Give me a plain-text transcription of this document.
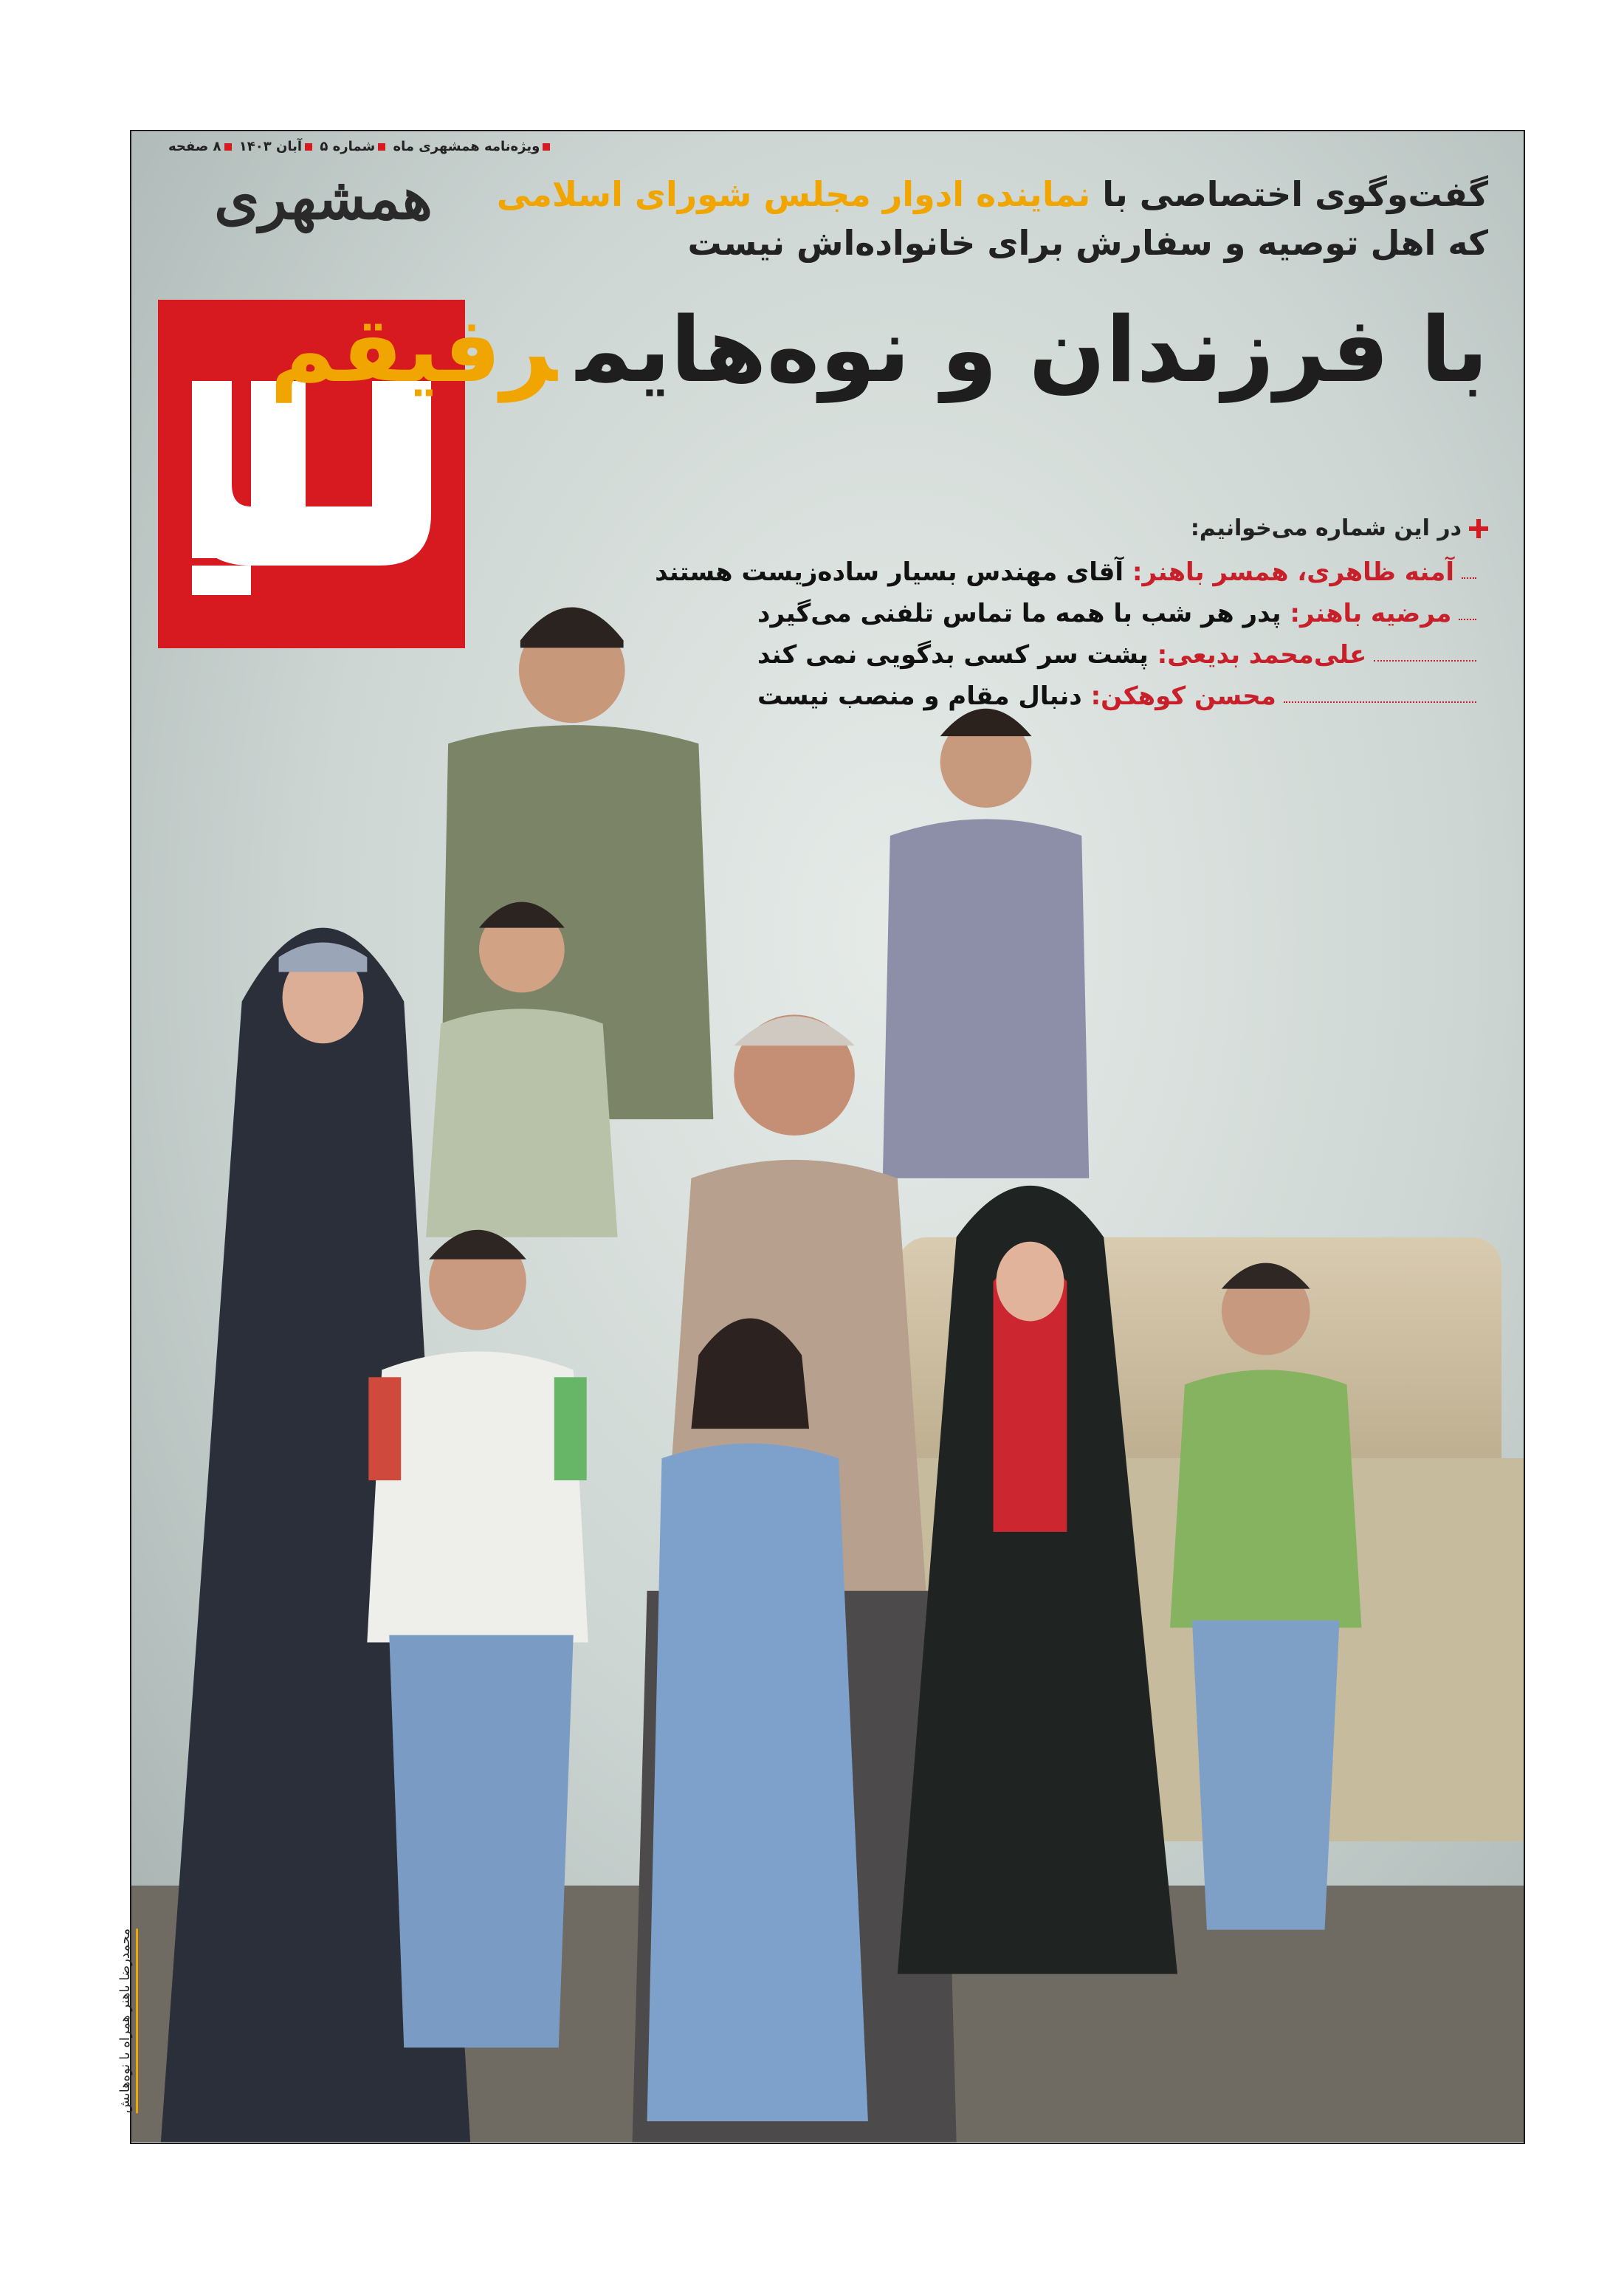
ویژه‌نامه همشهری ماه شماره ۵ آبان ۱۴۰۳ ۸ صفحه
همشهری	گفت‌وگوی اختصاصی با نماینده ادوار مجلس شورای اسلامی
که اهل توصیه و سفارش برای خانواده‌اش نیست
با فرزندان و نوه‌هایمرفیقم
در این شماره می‌خوانیم:
آمنه ظاهری، همسر باهنر:

آقای مهندس بسیار ساده‌زیست هستند
مرضیه باهنر:

پدر هر شب با همه ما تماس تلفنی می‌گیرد
علی‌محمد بدیعی:

پشت سر کسی بدگویی نمی کند
محسن کوهکن:

دنبال مقام و منصب نیست
محمدرضا باهنر همراه با نوه‌هایش
